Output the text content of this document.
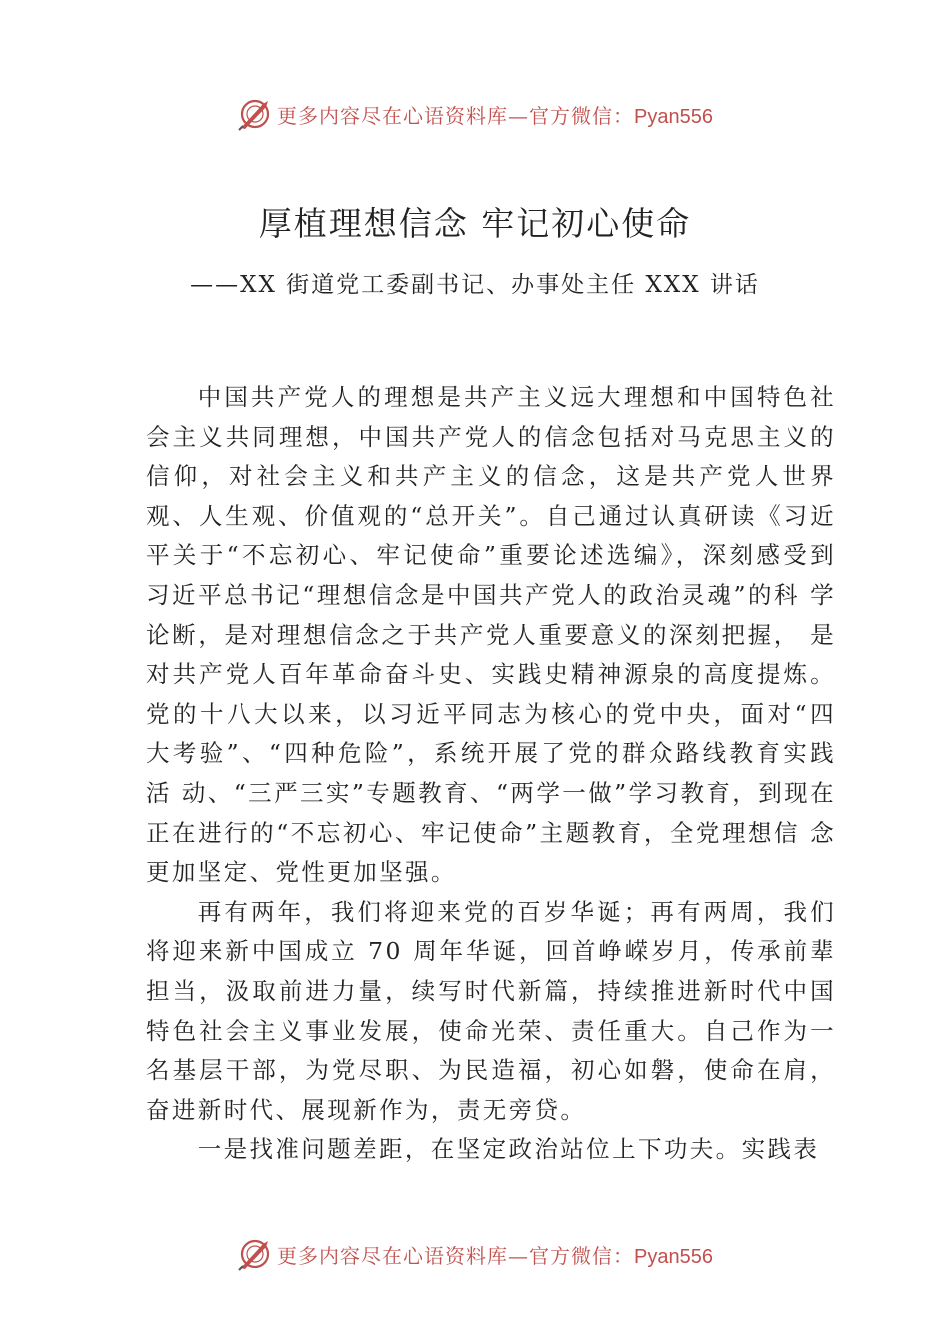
更多内容尽在心语资料库—官方微信：Pyan556
厚植理想信念 牢记初心使命
——XX 街道党工委副书记、办事处主任 XXX 讲话

中国共产党人的理想是共产主义远大理想和中国特色社会主义共同理想，中国共产党人的信念包括对马克思主义的信仰，对社会主义和共产主义的信念，这是共产党人世界观、人生观、价值观的“总开关”。自己通过认真研读《习近平关于“不忘初心、牢记使命”重要论述选编》，深刻感受到 习近平总书记“理想信念是中国共产党人的政治灵魂”的科 学论断，是对理想信念之于共产党人重要意义的深刻把握， 是对共产党人百年革命奋斗史、实践史精神源泉的高度提炼。党的十八大以来，以习近平同志为核心的党中央，面对“四 大考验”、“四种危险”，系统开展了党的群众路线教育实践活 动、“三严三实”专题教育、“两学一做”学习教育，到现在 正在进行的“不忘初心、牢记使命”主题教育，全党理想信 念更加坚定、党性更加坚强。

再有两年，我们将迎来党的百岁华诞；再有两周，我们将迎来新中国成立 70 周年华诞，回首峥嵘岁月，传承前辈担当，汲取前进力量，续写时代新篇，持续推进新时代中国特色社会主义事业发展，使命光荣、责任重大。自己作为一名基层干部，为党尽职、为民造福，初心如磐，使命在肩，奋进新时代、展现新作为，责无旁贷。

一是找准问题差距，在坚定政治站位上下功夫。实践表

更多内容尽在心语资料库—官方微信：Pyan556
